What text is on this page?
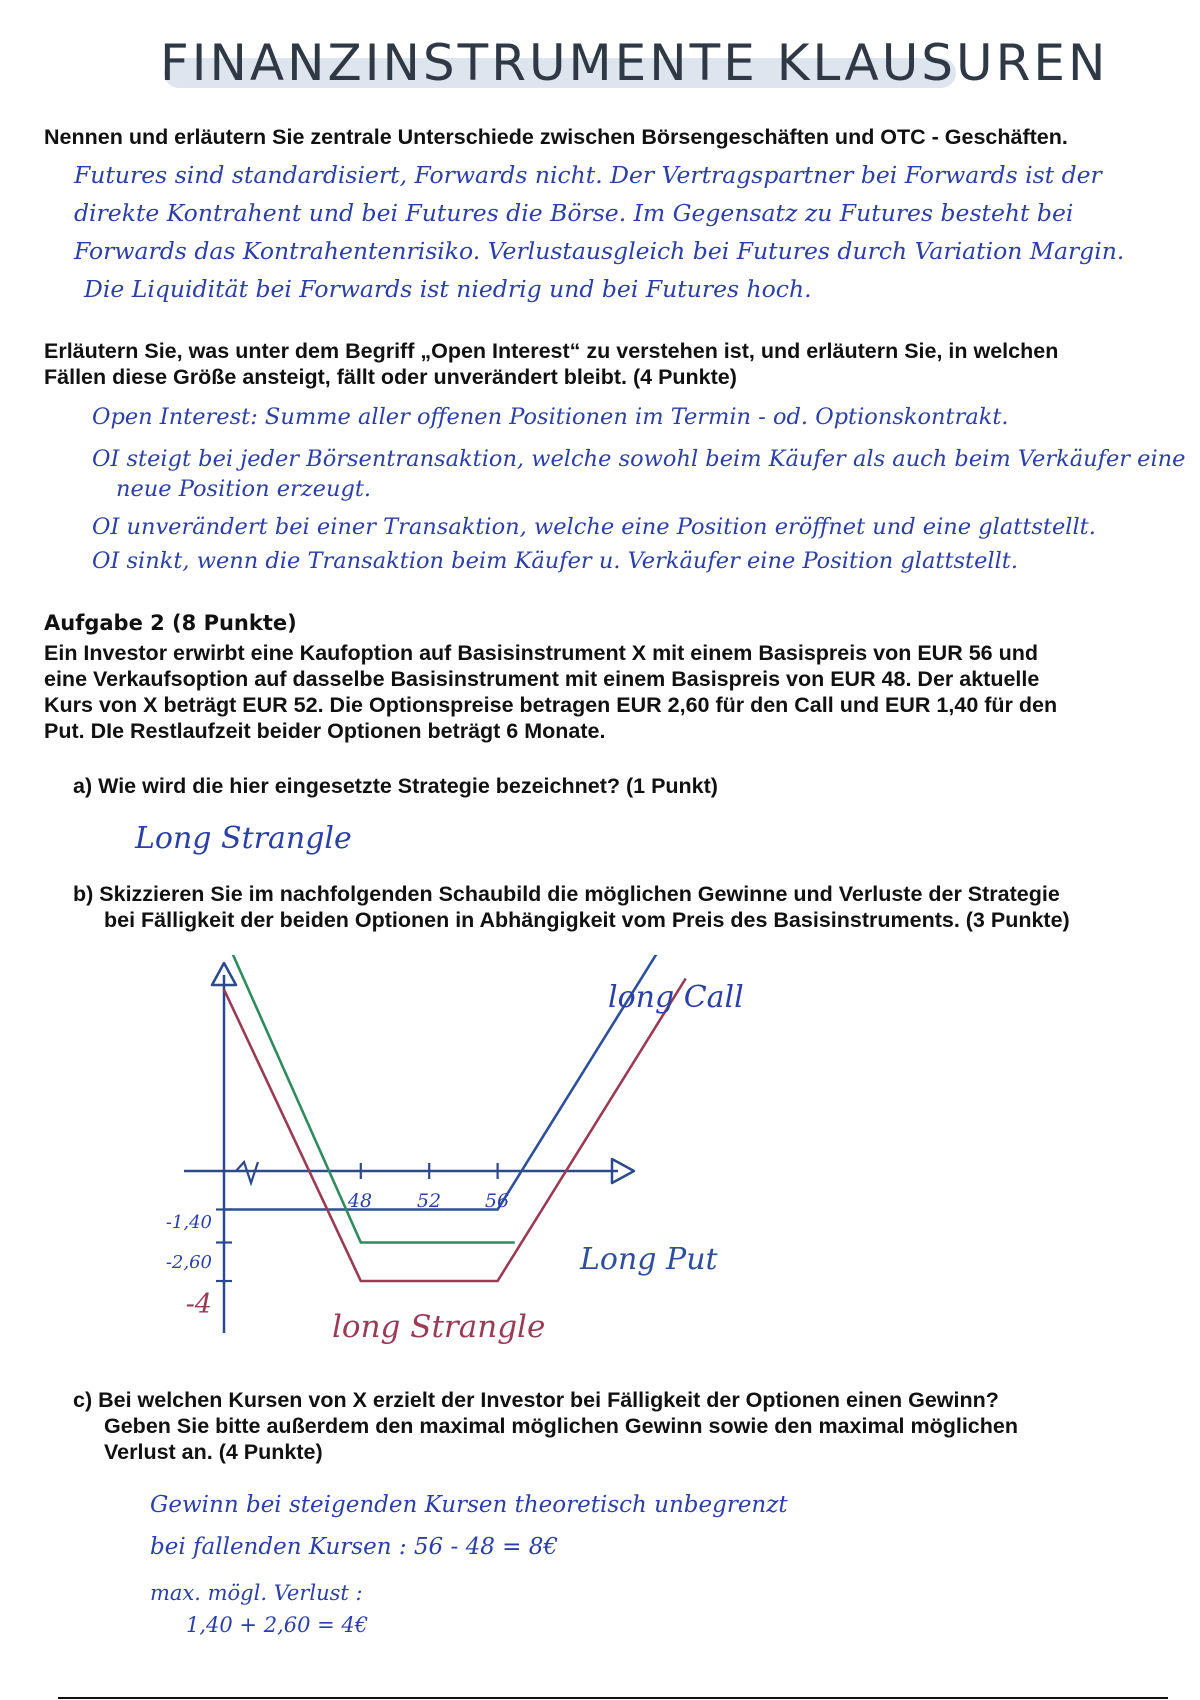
FINANZINSTRUMENTE KLAUSUREN

Nennen und erläutern Sie zentrale Unterschiede zwischen Börsengeschäften und OTC - Geschäften.

Futures sind standardisiert, Forwards nicht. Der Vertragspartner bei Forwards ist der
direkte Kontrahent und bei Futures die Börse. Im Gegensatz zu Futures besteht bei
Forwards das Kontrahentenrisiko. Verlustausgleich bei Futures durch Variation Margin.
Die Liquidität bei Forwards ist niedrig und bei Futures hoch.

Erläutern Sie, was unter dem Begriff „Open Interest“ zu verstehen ist, und erläutern Sie, in welchen
Fällen diese Größe ansteigt, fällt oder unverändert bleibt. (4 Punkte)

Open Interest: Summe aller offenen Positionen im Termin - od. Optionskontrakt.
OI steigt bei jeder Börsentransaktion, welche sowohl beim Käufer als auch beim Verkäufer eine
neue Position erzeugt.
OI unverändert bei einer Transaktion, welche eine Position eröffnet und eine glattstellt.
OI sinkt, wenn die Transaktion beim Käufer u. Verkäufer eine Position glattstellt.

Aufgabe 2 (8 Punkte)

Ein Investor erwirbt eine Kaufoption auf Basisinstrument X mit einem Basispreis von EUR 56 und
eine Verkaufsoption auf dasselbe Basisinstrument mit einem Basispreis von EUR 48. Der aktuelle
Kurs von X beträgt EUR 52. Die Optionspreise betragen EUR 2,60 für den Call und EUR 1,40 für den
Put. DIe Restlaufzeit beider Optionen beträgt 6 Monate.

a) Wie wird die hier eingesetzte Strategie bezeichnet? (1 Punkt)

Long Strangle

b) Skizzieren Sie im nachfolgenden Schaubild die möglichen Gewinne und Verluste der Strategie
bei Fälligkeit der beiden Optionen in Abhängigkeit vom Preis des Basisinstruments. (3 Punkte)

48 52 56
-1,40
-2,60
-4
long Call
Long Put
long Strangle

c) Bei welchen Kursen von X erzielt der Investor bei Fälligkeit der Optionen einen Gewinn?
Geben Sie bitte außerdem den maximal möglichen Gewinn sowie den maximal möglichen
Verlust an. (4 Punkte)

Gewinn bei steigenden Kursen theoretisch unbegrenzt
bei fallenden Kursen : 56 - 48 = 8€
max. mögl. Verlust :
1,40 + 2,60 = 4€
